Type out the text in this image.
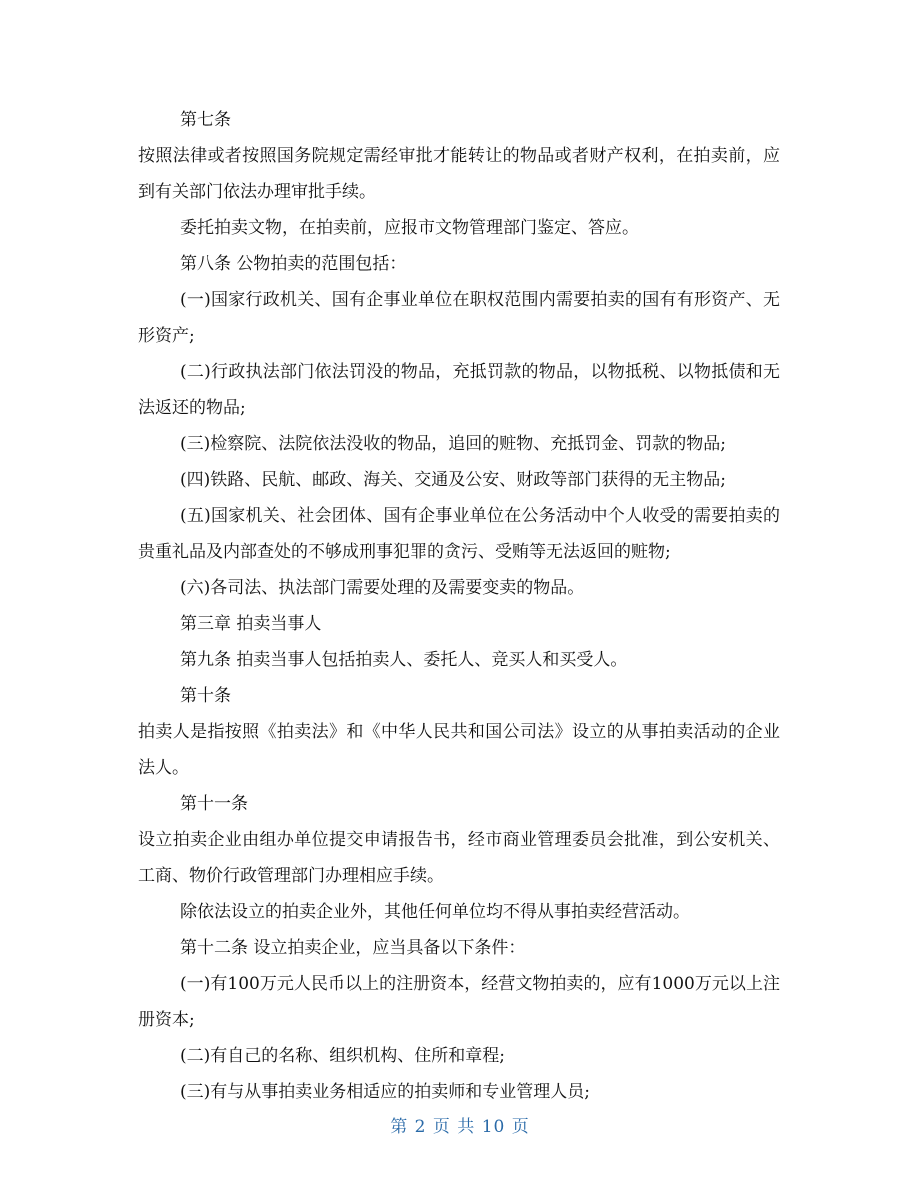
第七条

按照法律或者按照国务院规定需经审批才能转让的物品或者财产权利，在拍卖前，应到有关部门依法办理审批手续。

委托拍卖文物，在拍卖前，应报市文物管理部门鉴定、答应。

第八条 公物拍卖的范围包括：

(一)国家行政机关、国有企事业单位在职权范围内需要拍卖的国有有形资产、无形资产;

(二)行政执法部门依法罚没的物品，充抵罚款的物品，以物抵税、以物抵债和无法返还的物品;

(三)检察院、法院依法没收的物品，追回的赃物、充抵罚金、罚款的物品;

(四)铁路、民航、邮政、海关、交通及公安、财政等部门获得的无主物品;

(五)国家机关、社会团体、国有企事业单位在公务活动中个人收受的需要拍卖的贵重礼品及内部查处的不够成刑事犯罪的贪污、受贿等无法返回的赃物;

(六)各司法、执法部门需要处理的及需要变卖的物品。

第三章 拍卖当事人

第九条 拍卖当事人包括拍卖人、委托人、竞买人和买受人。

第十条

拍卖人是指按照《拍卖法》和《中华人民共和国公司法》设立的从事拍卖活动的企业法人。

第十一条

设立拍卖企业由组办单位提交申请报告书，经市商业管理委员会批准，到公安机关、工商、物价行政管理部门办理相应手续。

除依法设立的拍卖企业外，其他任何单位均不得从事拍卖经营活动。

第十二条 设立拍卖企业，应当具备以下条件：

(一)有100万元人民币以上的注册资本，经营文物拍卖的，应有1000万元以上注册资本;

(二)有自己的名称、组织机构、住所和章程;

(三)有与从事拍卖业务相适应的拍卖师和专业管理人员;

第 2 页 共 10 页
